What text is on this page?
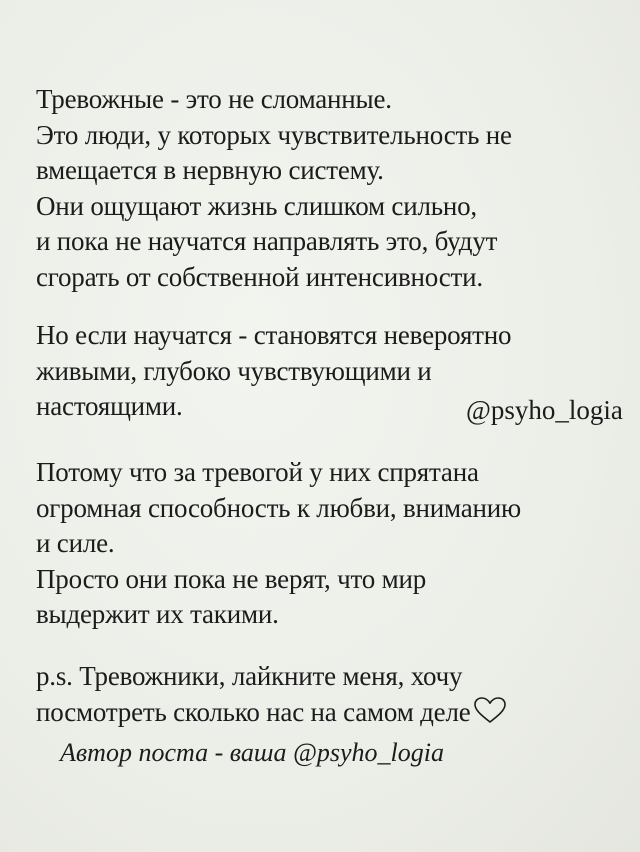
Тревожные - это не сломанные.
Это люди, у которых чувствительность не
вмещается в нервную систему.
Они ощущают жизнь слишком сильно,
и пока не научатся направлять это, будут
сгорать от собственной интенсивности.

Но если научатся - становятся невероятно
живыми, глубоко чувствующими и
настоящими.	@psyho_logia

Потому что за тревогой у них спрятана
огромная способность к любви, вниманию
и силе.
Просто они пока не верят, что мир
выдержит их такими.

p.s. Тревожники, лайкните меня, хочу
посмотреть сколько нас на самом деле

Автор поста - ваша @psyho_logia
